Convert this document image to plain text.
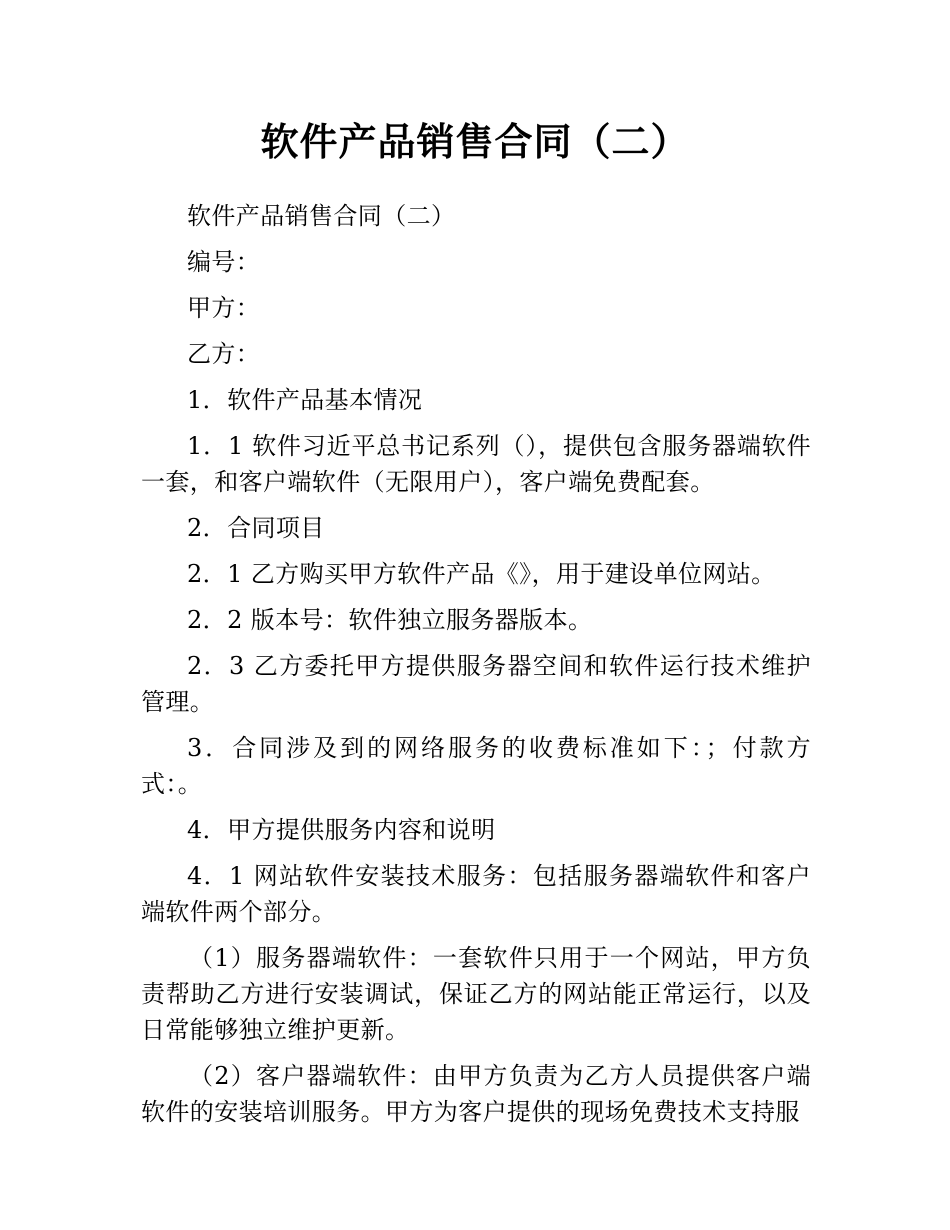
软件产品销售合同（二）

软件产品销售合同（二）

编号：

甲方：

乙方：

1．软件产品基本情况

1．1 软件习近平总书记系列（），提供包含服务器端软件一套，和客户端软件（无限用户），客户端免费配套。

2．合同项目

2．1 乙方购买甲方软件产品《》，用于建设单位网站。

2．2 版本号：软件独立服务器版本。

2．3 乙方委托甲方提供服务器空间和软件运行技术维护管理。

3．合同涉及到的网络服务的收费标准如下：；付款方式：。

4．甲方提供服务内容和说明

4．1 网站软件安装技术服务：包括服务器端软件和客户端软件两个部分。

（1）服务器端软件：一套软件只用于一个网站，甲方负责帮助乙方进行安装调试，保证乙方的网站能正常运行，以及日常能够独立维护更新。

（2）客户器端软件：由甲方负责为乙方人员提供客户端软件的安装培训服务。甲方为客户提供的现场免费技术支持服
